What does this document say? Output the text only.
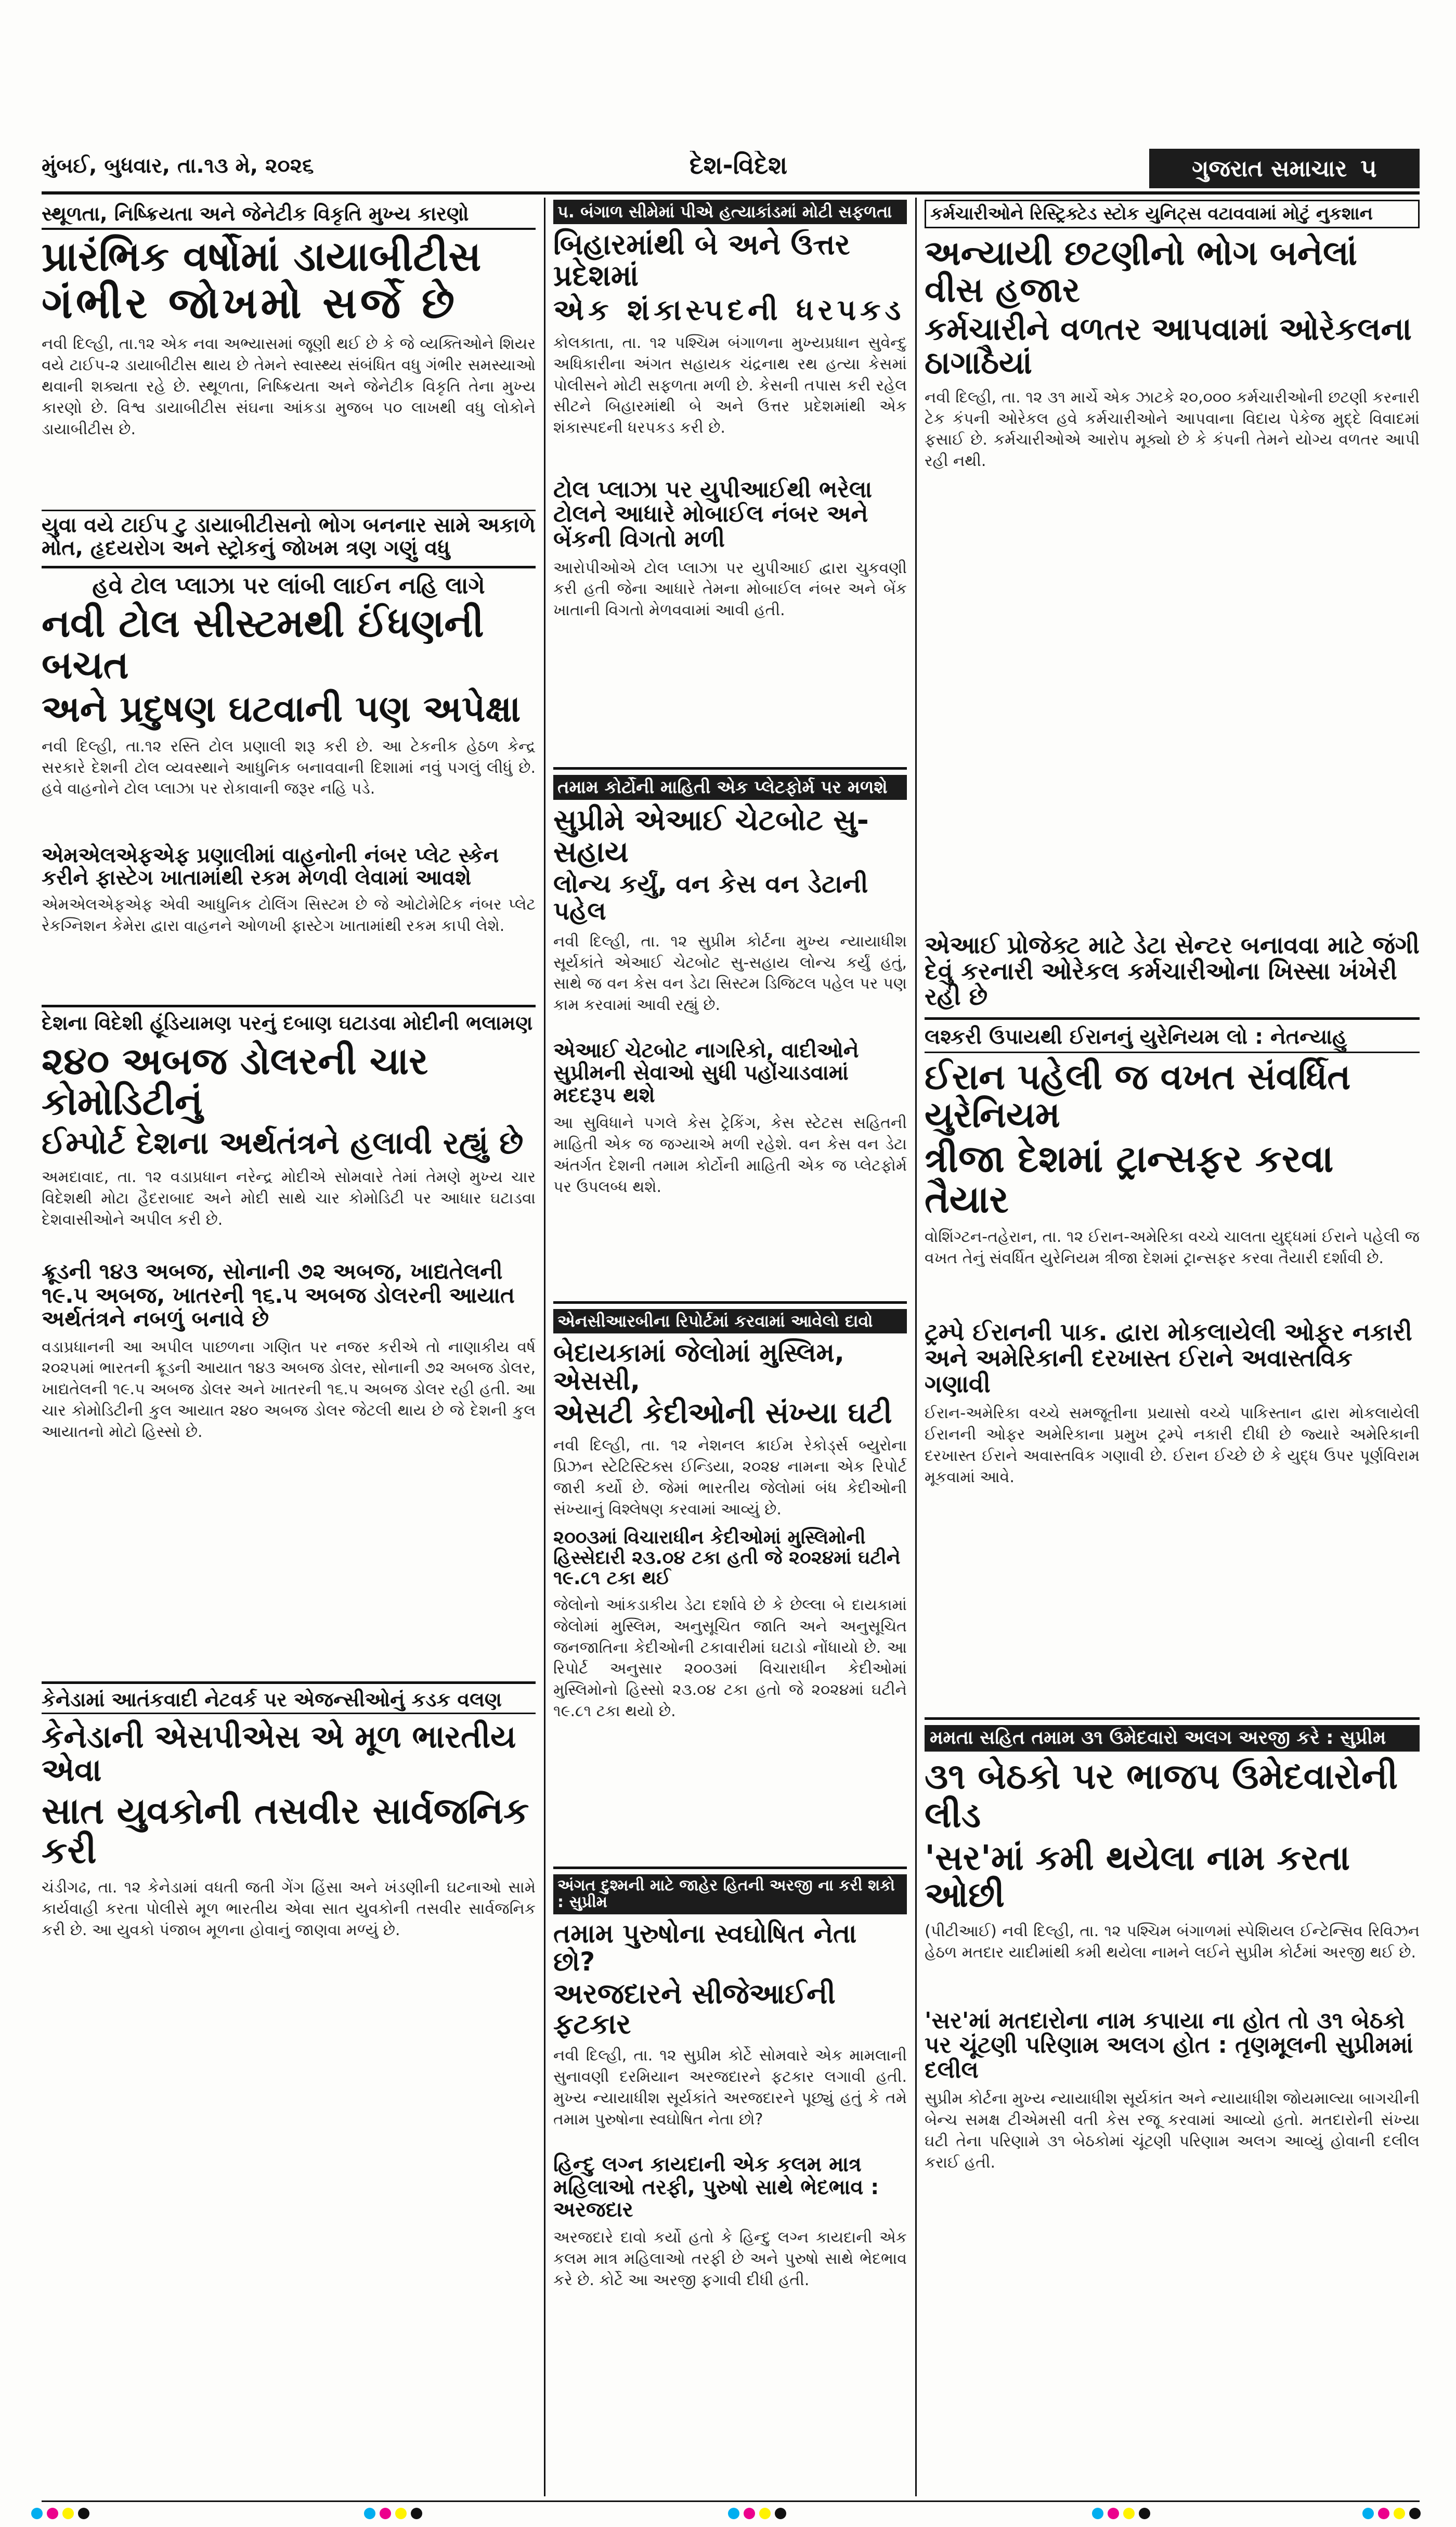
મુંબઈ, બુધવાર, તા.૧૩ મે, ૨૦૨૬	દેશ-વિદેશ	ગુજરાત સમાચાર ૫
સ્થૂળતા, નિષ્ક્રિયતા અને જેનેટીક વિકૃતિ મુખ્ય કારણો
પ્રારંભિક વર્ષોમાં ડાયાબીટીસ
ગંભીર જોખમો સર્જે છે
નવી દિલ્હી, તા.૧૨ એક નવા અભ્યાસમાં જૂણી થઈ છે કે જે વ્યક્તિઓને શિયર વયે ટાઈપ-૨ ડાયાબીટીસ થાય છે તેમને સ્વાસ્થ્ય સંબંધિત વધુ ગંભીર સમસ્યાઓ થવાની શક્યતા રહે છે. સ્થૂળતા, નિષ્ક્રિયતા અને જેનેટીક વિકૃતિ તેના મુખ્ય કારણો છે. વિશ્વ ડાયાબીટીસ સંઘના આંકડા મુજબ ૫૦ લાખથી વધુ લોકોને ડાયાબીટીસ છે.
યુવા વયે ટાઈપ ટુ ડાયાબીટીસનો ભોગ બનનાર સામે અકાળે મોત, હૃદયરોગ અને સ્ટ્રોકનું જોખમ ત્રણ ગણું વધુ
હવે ટોલ પ્લાઝા પર લાંબી લાઈન નહિ લાગે
નવી ટોલ સીસ્ટમથી ઈંધણની બચત
અને પ્રદુષણ ઘટવાની પણ અપેક્ષા
નવી દિલ્હી, તા.૧૨ રસ્તિ ટોલ પ્રણાલી શરૂ કરી છે. આ ટેકનીક હેઠળ કેન્દ્ર સરકારે દેશની ટોલ વ્યવસ્થાને આધુનિક બનાવવાની દિશામાં નવું પગલું લીધું છે. હવે વાહનોને ટોલ પ્લાઝા પર રોકાવાની જરૂર નહિ પડે.
એમએલએફએફ પ્રણાલીમાં વાહનોની નંબર પ્લેટ સ્કેન કરીને ફાસ્ટેગ ખાતામાંથી રકમ મેળવી લેવામાં આવશે
એમએલએફએફ એવી આધુનિક ટોલિંગ સિસ્ટમ છે જે ઓટોમેટિક નંબર પ્લેટ રેકગ્નિશન કેમેરા દ્વારા વાહનને ઓળખી ફાસ્ટેગ ખાતામાંથી રકમ કાપી લેશે.
દેશના વિદેશી હૂંડિયામણ પરનું દબાણ ઘટાડવા મોદીની ભલામણ
૨૪૦ અબજ ડોલરની ચાર કોમોડિટીનું
ઈમ્પોર્ટ દેશના અર્થતંત્રને હલાવી રહ્યું છે
અમદાવાદ, તા. ૧૨ વડાપ્રધાન નરેન્દ્ર મોદીએ સોમવારે તેમાં તેમણે મુખ્ય ચાર વિદેશથી મોટા હૈદરાબાદ અને મોદી સાથે ચાર કોમોડિટી પર આધાર ઘટાડવા દેશવાસીઓને અપીલ કરી છે.
ક્રૂડની ૧૪૩ અબજ, સોનાની ૭૨ અબજ, ખાદ્યતેલની ૧૯.૫ અબજ, ખાતરની ૧૬.૫ અબજ ડોલરની આયાત અર્થતંત્રને નબળું બનાવે છે
વડાપ્રધાનની આ અપીલ પાછળના ગણિત પર નજર કરીએ તો નાણાકીય વર્ષ ૨૦૨૫માં ભારતની ક્રૂડની આયાત ૧૪૩ અબજ ડોલર, સોનાની ૭૨ અબજ ડોલર, ખાદ્યતેલની ૧૯.૫ અબજ ડોલર અને ખાતરની ૧૬.૫ અબજ ડોલર રહી હતી. આ ચાર કોમોડિટીની કુલ આયાત ૨૪૦ અબજ ડોલર જેટલી થાય છે જે દેશની કુલ આયાતનો મોટો હિસ્સો છે.
કેનેડામાં આતંકવાદી નેટવર્ક પર એજન્સીઓનું કડક વલણ
કેનેડાની એસપીએસ એ મૂળ ભારતીય એવા
સાત યુવકોની તસવીર સાર્વજનિક કરી
ચંડીગઢ, તા. ૧૨ કેનેડામાં વધતી જતી ગેંગ હિંસા અને ખંડણીની ઘટનાઓ સામે કાર્યવાહી કરતા પોલીસે મૂળ ભારતીય એવા સાત યુવકોની તસવીર સાર્વજનિક કરી છે. આ યુવકો પંજાબ મૂળના હોવાનું જાણવા મળ્યું છે.
પ. બંગાળ સીમેમાં પીએ હત્યાકાંડમાં મોટી સફળતા
બિહારમાંથી બે અને ઉત્તર પ્રદેશમાં
એક શંકાસ્પદની ધરપકડ
કોલકાતા, તા. ૧૨ પશ્ચિમ બંગાળના મુખ્યપ્રધાન સુવેન્દુ અધિકારીના અંગત સહાયક ચંદ્રનાથ રથ હત્યા કેસમાં પોલીસને મોટી સફળતા મળી છે. કેસની તપાસ કરી રહેલ સીટને બિહારમાંથી બે અને ઉત્તર પ્રદેશમાંથી એક શંકાસ્પદની ધરપકડ કરી છે.
ટોલ પ્લાઝા પર યુપીઆઈથી ભરેલા ટોલને આધારે મોબાઈલ નંબર અને બેંકની વિગતો મળી
આરોપીઓએ ટોલ પ્લાઝા પર યુપીઆઈ દ્વારા ચુકવણી કરી હતી જેના આધારે તેમના મોબાઈલ નંબર અને બેંક ખાતાની વિગતો મેળવવામાં આવી હતી.
તમામ કોર્ટોની માહિતી એક પ્લેટફોર્મ પર મળશે
સુપ્રીમે એઆઈ ચેટબોટ સુ-સહાય
લોન્ચ કર્યું, વન કેસ વન ડેટાની પહેલ
નવી દિલ્હી, તા. ૧૨ સુપ્રીમ કોર્ટના મુખ્ય ન્યાયાધીશ સૂર્યકાંતે એઆઈ ચેટબોટ સુ-સહાય લોન્ચ કર્યું હતું, સાથે જ વન કેસ વન ડેટા સિસ્ટમ ડિજિટલ પહેલ પર પણ કામ કરવામાં આવી રહ્યું છે.
એઆઈ ચેટબોટ નાગરિકો, વાદીઓને સુપ્રીમની સેવાઓ સુધી પહોંચાડવામાં મદદરૂપ થશે
આ સુવિધાને પગલે કેસ ટ્રેકિંગ, કેસ સ્ટેટસ સહિતની માહિતી એક જ જગ્યાએ મળી રહેશે. વન કેસ વન ડેટા અંતર્ગત દેશની તમામ કોર્ટોની માહિતી એક જ પ્લેટફોર્મ પર ઉપલબ્ધ થશે.
એનસીઆરબીના રિપોર્ટમાં કરવામાં આવેલો દાવો
બેદાયકામાં જેલોમાં મુસ્લિમ, એસસી,
એસટી કેદીઓની સંખ્યા ઘટી
નવી દિલ્હી, તા. ૧૨ નેશનલ ક્રાઈમ રેકોર્ડ્સ બ્યુરોના પ્રિઝન સ્ટેટિસ્ટિક્સ ઈન્ડિયા, ૨૦૨૪ નામના એક રિપોર્ટ જારી કર્યો છે. જેમાં ભારતીય જેલોમાં બંધ કેદીઓની સંખ્યાનું વિશ્લેષણ કરવામાં આવ્યું છે.
૨૦૦૩માં વિચારાધીન કેદીઓમાં મુસ્લિમોની હિસ્સેદારી ૨૩.૦૪ ટકા હતી જે ૨૦૨૪માં ઘટીને ૧૯.૮૧ ટકા થઈ
જેલોનો આંકડાકીય ડેટા દર્શાવે છે કે છેલ્લા બે દાયકામાં જેલોમાં મુસ્લિમ, અનુસૂચિત જાતિ અને અનુસૂચિત જનજાતિના કેદીઓની ટકાવારીમાં ઘટાડો નોંધાયો છે. આ રિપોર્ટ અનુસાર ૨૦૦૩માં વિચારાધીન કેદીઓમાં મુસ્લિમોનો હિસ્સો ૨૩.૦૪ ટકા હતો જે ૨૦૨૪માં ઘટીને ૧૯.૮૧ ટકા થયો છે.
અંગત દુશ્મની માટે જાહેર હિતની અરજી ના કરી શકો : સુપ્રીમ
તમામ પુરુષોના સ્વઘોષિત નેતા છો?
અરજદારને સીજેઆઈની ફટકાર
નવી દિલ્હી, તા. ૧૨ સુપ્રીમ કોર્ટે સોમવારે એક મામલાની સુનાવણી દરમિયાન અરજદારને ફટકાર લગાવી હતી. મુખ્ય ન્યાયાધીશ સૂર્યકાંતે અરજદારને પૂછ્યું હતું કે તમે તમામ પુરુષોના સ્વઘોષિત નેતા છો?
હિન્દુ લગ્ન કાયદાની એક કલમ માત્ર મહિલાઓ તરફી, પુરુષો સાથે ભેદભાવ : અરજદાર
અરજદારે દાવો કર્યો હતો કે હિન્દુ લગ્ન કાયદાની એક કલમ માત્ર મહિલાઓ તરફી છે અને પુરુષો સાથે ભેદભાવ કરે છે. કોર્ટે આ અરજી ફગાવી દીધી હતી.
કર્મચારીઓને રિસ્ટ્રિક્ટેડ સ્ટોક યુનિટ્સ વટાવવામાં મોટું નુકશાન
અન્યાયી છટણીનો ભોગ બનેલાં વીસ હજાર
કર્મચારીને વળતર આપવામાં ઓરેકલના ઠાગાઠૈયાં
નવી દિલ્હી, તા. ૧૨ ૩૧ માર્ચે એક ઝાટકે ૨૦,૦૦૦ કર્મચારીઓની છટણી કરનારી ટેક કંપની ઓરેકલ હવે કર્મચારીઓને આપવાના વિદાય પેકેજ મુદ્દે વિવાદમાં ફસાઈ છે. કર્મચારીઓએ આરોપ મૂક્યો છે કે કંપની તેમને યોગ્ય વળતર આપી રહી નથી.
એઆઈ પ્રોજેક્ટ માટે ડેટા સેન્ટર બનાવવા માટે જંગી દેવું કરનારી ઓરેકલ કર્મચારીઓના ખિસ્સા ખંખેરી રહી છે
લશ્કરી ઉપાયથી ઈરાનનું યુરેનિયમ લો : નેતન્યાહુ
ઈરાન પહેલી જ વખત સંવર્ધિત યુરેનિયમ
ત્રીજા દેશમાં ટ્રાન્સફર કરવા તૈયાર
વોશિંગ્ટન-તહેરાન, તા. ૧૨ ઈરાન-અમેરિકા વચ્ચે ચાલતા યુદ્ધમાં ઈરાને પહેલી જ વખત તેનું સંવર્ધિત યુરેનિયમ ત્રીજા દેશમાં ટ્રાન્સફર કરવા તૈયારી દર્શાવી છે.
ટ્રમ્પે ઈરાનની પાક. દ્વારા મોકલાયેલી ઓફર નકારી અને અમેરિકાની દરખાસ્ત ઈરાને અવાસ્તવિક ગણાવી
ઈરાન-અમેરિકા વચ્ચે સમજૂતીના પ્રયાસો વચ્ચે પાકિસ્તાન દ્વારા મોકલાયેલી ઈરાનની ઓફર અમેરિકાના પ્રમુખ ટ્રમ્પે નકારી દીધી છે જ્યારે અમેરિકાની દરખાસ્ત ઈરાને અવાસ્તવિક ગણાવી છે. ઈરાન ઈચ્છે છે કે યુદ્ધ ઉપર પૂર્ણવિરામ મૂકવામાં આવે.
મમતા સહિત તમામ ૩૧ ઉમેદવારો અલગ અરજી કરે : સુપ્રીમ
૩૧ બેઠકો પર ભાજપ ઉમેદવારોની લીડ
'સર'માં કમી થયેલા નામ કરતા ઓછી
(પીટીઆઈ) નવી દિલ્હી, તા. ૧૨ પશ્ચિમ બંગાળમાં સ્પેશિયલ ઈન્ટેન્સિવ રિવિઝન હેઠળ મતદાર યાદીમાંથી કમી થયેલા નામને લઈને સુપ્રીમ કોર્ટમાં અરજી થઈ છે.
'સર'માં મતદારોના નામ કપાયા ના હોત તો ૩૧ બેઠકો પર ચૂંટણી પરિણામ અલગ હોત : તૃણમૂલની સુપ્રીમમાં દલીલ
સુપ્રીમ કોર્ટના મુખ્ય ન્યાયાધીશ સૂર્યકાંત અને ન્યાયાધીશ જોયમાલ્યા બાગચીની બેન્ચ સમક્ષ ટીએમસી વતી કેસ રજૂ કરવામાં આવ્યો હતો. મતદારોની સંખ્યા ઘટી તેના પરિણામે ૩૧ બેઠકોમાં ચૂંટણી પરિણામ અલગ આવ્યું હોવાની દલીલ કરાઈ હતી.
